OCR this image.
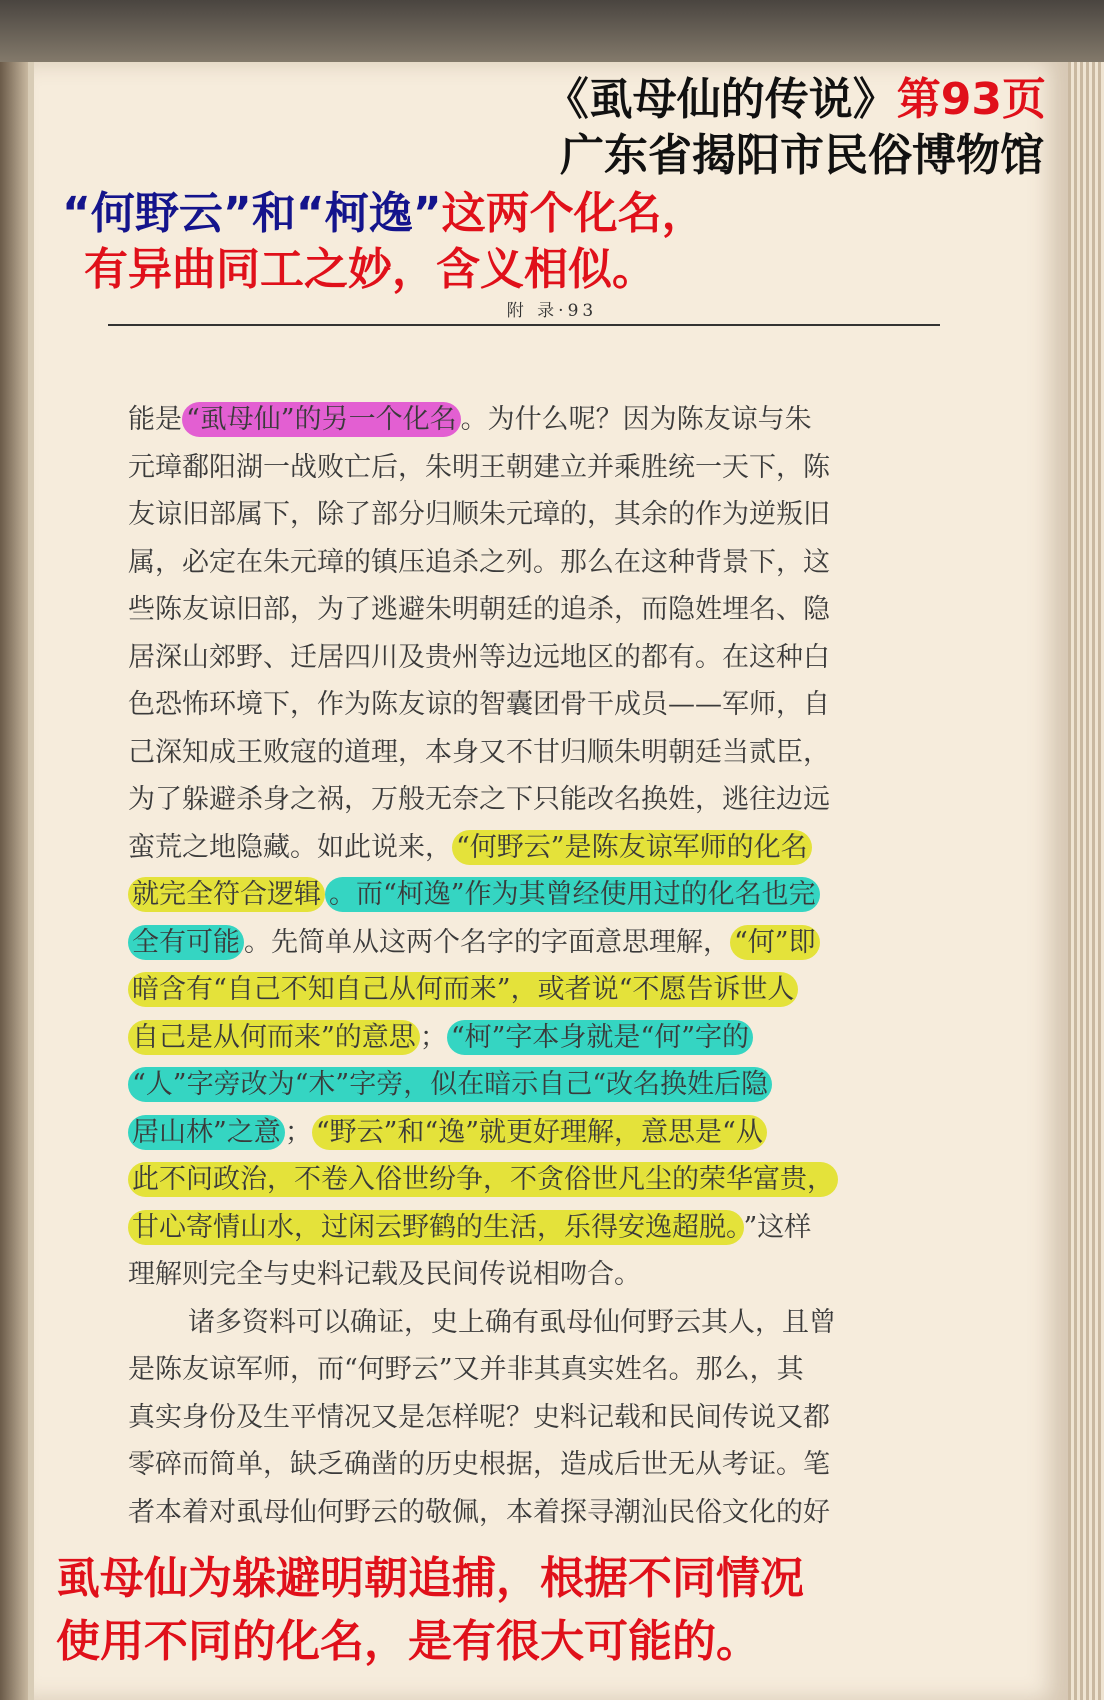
《虱母仙的传说》第93页
广东省揭阳市民俗博物馆
“何野云”和“柯逸”这两个化名，
有异曲同工之妙，含义相似。
附 录·93
能是 “虱母仙”的另一个化名 。为什么呢？因为陈友谅与朱
元璋鄱阳湖一战败亡后，朱明王朝建立并乘胜统一天下，陈
友谅旧部属下，除了部分归顺朱元璋的，其余的作为逆叛旧
属，必定在朱元璋的镇压追杀之列。那么在这种背景下，这
些陈友谅旧部，为了逃避朱明朝廷的追杀，而隐姓埋名、隐
居深山郊野、迁居四川及贵州等边远地区的都有。在这种白
色恐怖环境下，作为陈友谅的智囊团骨干成员——军师，自
己深知成王败寇的道理，本身又不甘归顺朱明朝廷当贰臣，
为了躲避杀身之祸，万般无奈之下只能改名换姓，逃往边远
蛮荒之地隐藏。如此说来， “何野云”是陈友谅军师的化名
就完全符合逻辑 。而“柯逸”作为其曾经使用过的化名也完
全有可能 。先简单从这两个名字的字面意思理解， “何”即
暗含有“自己不知自己从何而来”，或者说“不愿告诉世人
自己是从何而来”的意思 ； “柯”字本身就是“何”字的
“人”字旁改为“木”字旁，似在暗示自己“改名换姓后隐
居山林”之意 ； “野云”和“逸”就更好理解，意思是“从
此不问政治，不卷入俗世纷争，不贪俗世凡尘的荣华富贵，
甘心寄情山水，过闲云野鹤的生活，乐得安逸超脱。 ”这样
理解则完全与史料记载及民间传说相吻合。
诸多资料可以确证，史上确有虱母仙何野云其人，且曾
是陈友谅军师，而“何野云”又并非其真实姓名。那么，其
真实身份及生平情况又是怎样呢？史料记载和民间传说又都
零碎而简单，缺乏确凿的历史根据，造成后世无从考证。笔
者本着对虱母仙何野云的敬佩，本着探寻潮汕民俗文化的好
虱母仙为躲避明朝追捕，根据不同情况
使用不同的化名，是有很大可能的。
